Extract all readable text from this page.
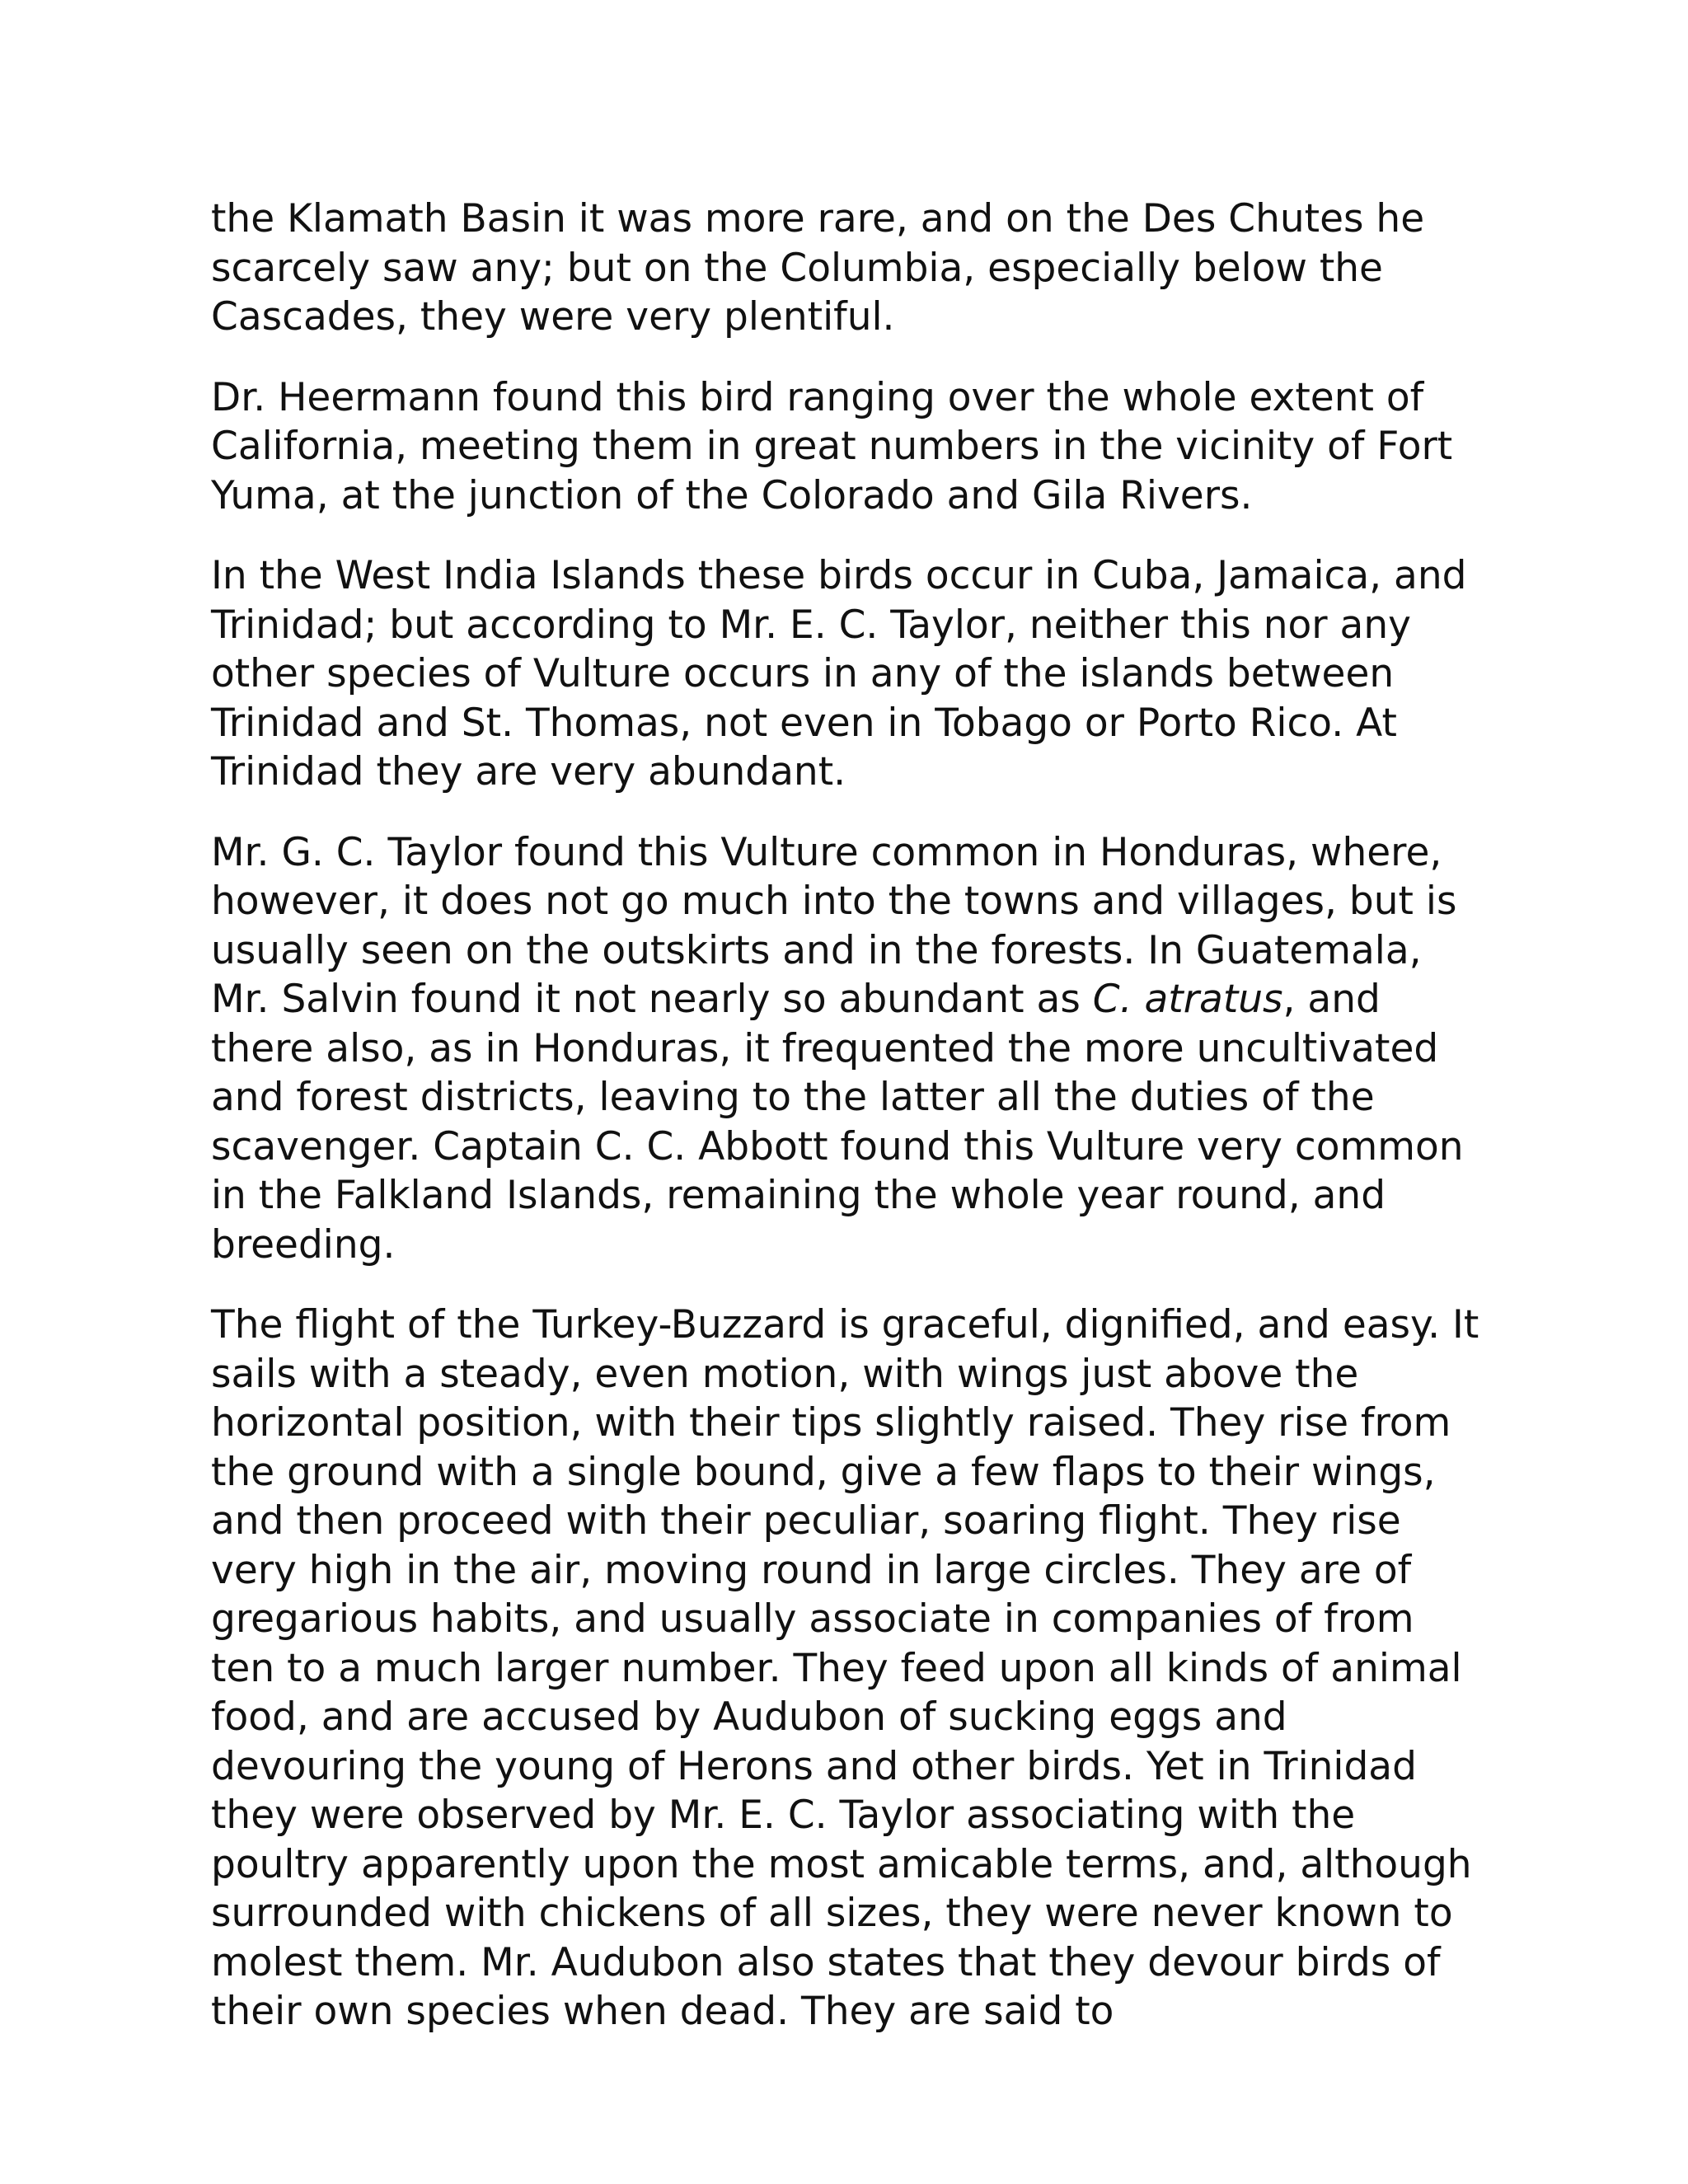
the Klamath Basin it was more rare, and on the Des Chutes he scarcely saw any; but on the Columbia, especially below the Cascades, they were very plentiful.

Dr. Heermann found this bird ranging over the whole extent of California, meeting them in great numbers in the vicinity of Fort Yuma, at the junction of the Colorado and Gila Rivers.

In the West India Islands these birds occur in Cuba, Jamaica, and Trinidad; but according to Mr. E. C. Taylor, neither this nor any other species of Vulture occurs in any of the islands between Trinidad and St. Thomas, not even in Tobago or Porto Rico. At Trinidad they are very abundant.

Mr. G. C. Taylor found this Vulture common in Honduras, where, however, it does not go much into the towns and villages, but is usually seen on the outskirts and in the forests. In Guatemala, Mr. Salvin found it not nearly so abundant as C. atratus, and there also, as in Honduras, it frequented the more uncultivated and forest districts, leaving to the latter all the duties of the scavenger. Captain C. C. Abbott found this Vulture very common in the Falkland Islands, remaining the whole year round, and breeding.

The flight of the Turkey-Buzzard is graceful, dignified, and easy. It sails with a steady, even motion, with wings just above the horizontal position, with their tips slightly raised. They rise from the ground with a single bound, give a few flaps to their wings, and then proceed with their peculiar, soaring flight. They rise very high in the air, moving round in large circles. They are of gregarious habits, and usually associate in companies of from ten to a much larger number. They feed upon all kinds of animal food, and are accused by Audubon of sucking eggs and devouring the young of Herons and other birds. Yet in Trinidad they were observed by Mr. E. C. Taylor associating with the poultry apparently upon the most amicable terms, and, although surrounded with chickens of all sizes, they were never known to molest them. Mr. Audubon also states that they devour birds of their own species when dead. They are said to
